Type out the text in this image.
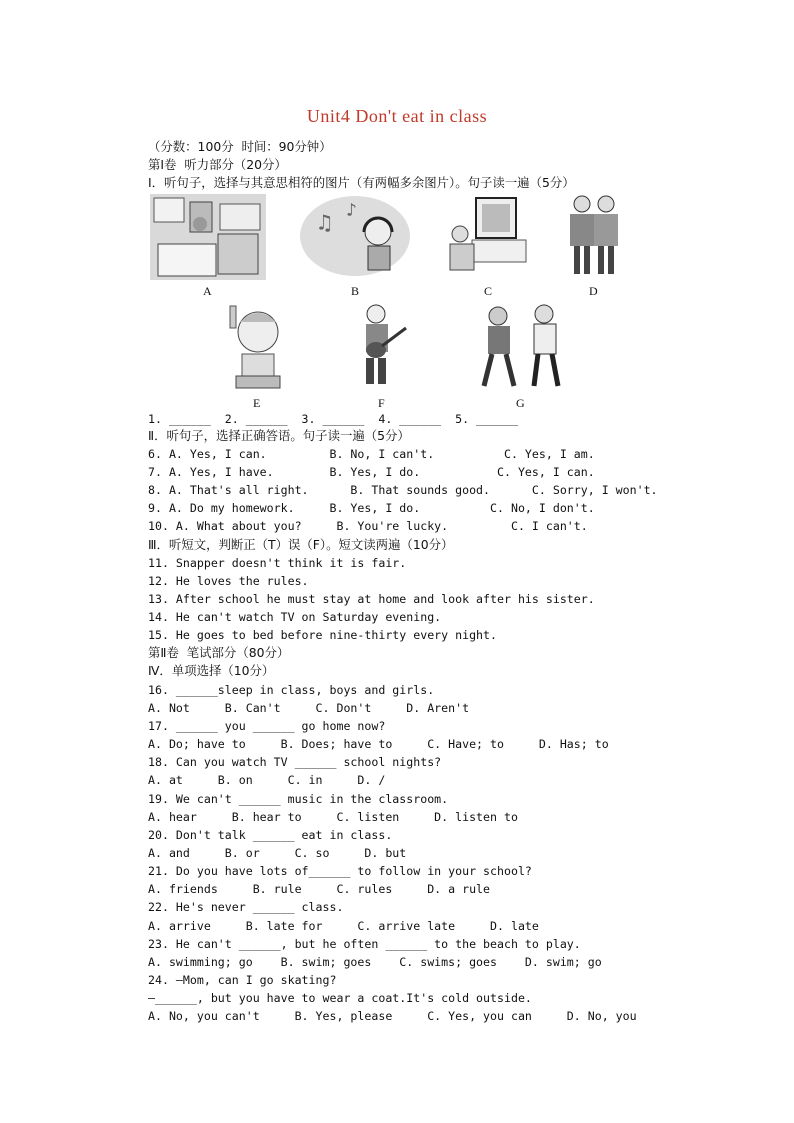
Unit4 Don't eat in class
（分数：100分  时间：90分钟）
第Ⅰ卷  听力部分（20分）
Ⅰ．听句子，选择与其意思相符的图片（有两幅多余图片）。句子读一遍（5分）
A
♫
♪
B	C	D
E	F	G
1. ______  2. ______  3. ______  4. ______  5. ______
Ⅱ．听句子，选择正确答语。句子读一遍（5分）
6. A. Yes, I can.         B. No, I can't.          C. Yes, I am.
7. A. Yes, I have.        B. Yes, I do.           C. Yes, I can.
8. A. That's all right.      B. That sounds good.      C. Sorry, I won't.
9. A. Do my homework.     B. Yes, I do.          C. No, I don't.
10. A. What about you?     B. You're lucky.         C. I can't.
Ⅲ．听短文，判断正（T）误（F）。短文读两遍（10分）
11. Snapper doesn't think it is fair.
12. He loves the rules.
13. After school he must stay at home and look after his sister.
14. He can't watch TV on Saturday evening.
15. He goes to bed before nine-thirty every night.
第Ⅱ卷  笔试部分（80分）
Ⅳ．单项选择（10分）
16. ______sleep in class, boys and girls.
A. Not     B. Can't     C. Don't     D. Aren't
17. ______ you ______ go home now?
A. Do; have to     B. Does; have to     C. Have; to     D. Has; to
18. Can you watch TV ______ school nights?
A. at     B. on     C. in     D. /
19. We can't ______ music in the classroom.
A. hear     B. hear to     C. listen     D. listen to
20. Don't talk ______ eat in class.
A. and     B. or     C. so     D. but
21. Do you have lots of______ to follow in your school?
A. friends     B. rule     C. rules     D. a rule
22. He's never ______ class.
A. arrive     B. late for     C. arrive late     D. late
23. He can't ______, but he often ______ to the beach to play.
A. swimming; go    B. swim; goes    C. swims; goes    D. swim; go
24. —Mom, can I go skating?
—______, but you have to wear a coat.It's cold outside.
A. No, you can't     B. Yes, please     C. Yes, you can     D. No, you
